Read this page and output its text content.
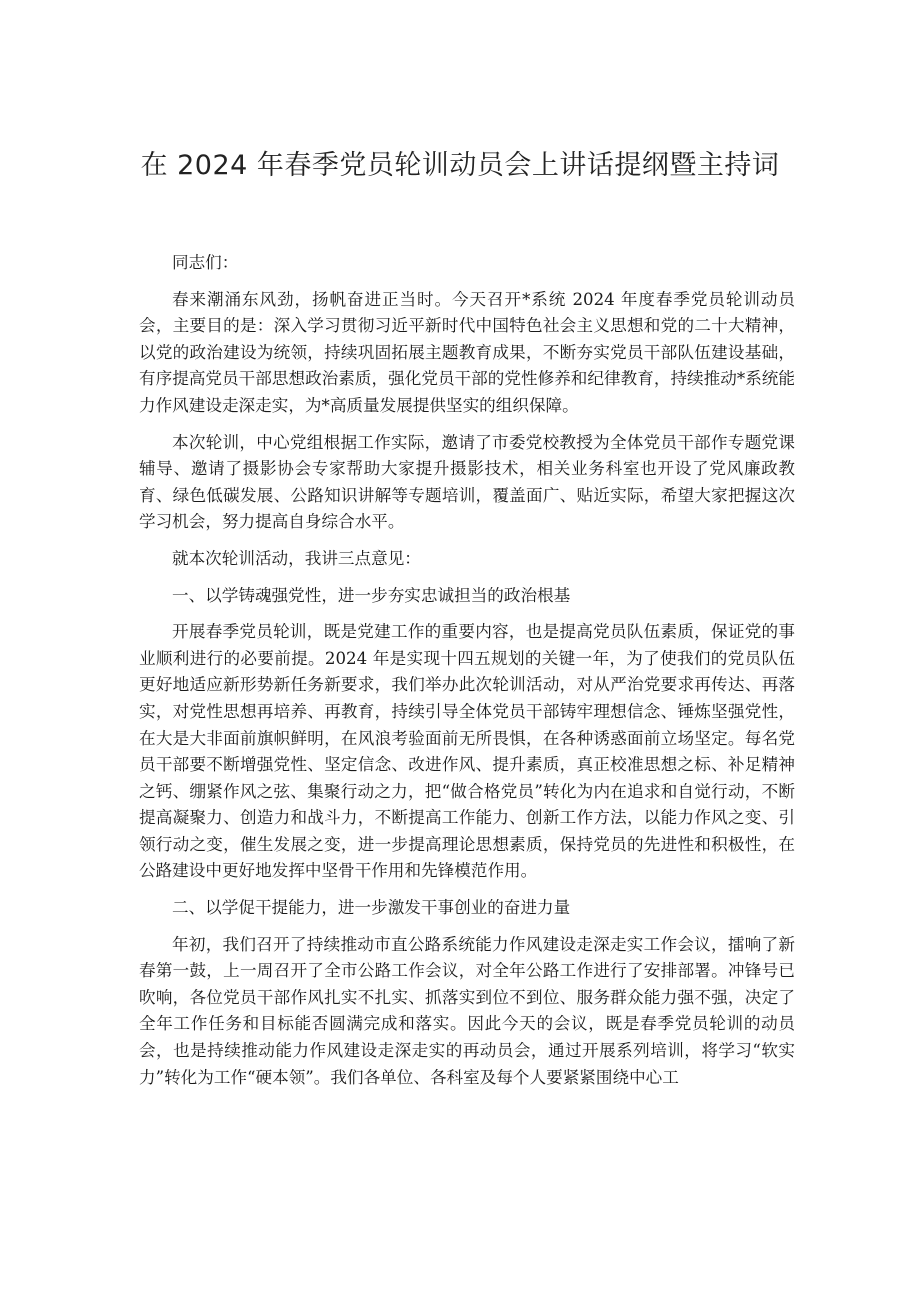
在 2024 年春季党员轮训动员会上讲话提纲暨主持词

同志们：

春来潮涌东风劲，扬帆奋进正当时。今天召开*系统 2024 年度春季党员轮训动员会，主要目的是：深入学习贯彻习近平新时代中国特色社会主义思想和党的二十大精神，以党的政治建设为统领，持续巩固拓展主题教育成果，不断夯实党员干部队伍建设基础，有序提高党员干部思想政治素质，强化党员干部的党性修养和纪律教育，持续推动*系统能力作风建设走深走实，为*高质量发展提供坚实的组织保障。

本次轮训，中心党组根据工作实际，邀请了市委党校教授为全体党员干部作专题党课辅导、邀请了摄影协会专家帮助大家提升摄影技术，相关业务科室也开设了党风廉政教育、绿色低碳发展、公路知识讲解等专题培训，覆盖面广、贴近实际，希望大家把握这次学习机会，努力提高自身综合水平。

就本次轮训活动，我讲三点意见：

一、以学铸魂强党性，进一步夯实忠诚担当的政治根基

开展春季党员轮训，既是党建工作的重要内容，也是提高党员队伍素质，保证党的事业顺利进行的必要前提。2024 年是实现十四五规划的关键一年，为了使我们的党员队伍更好地适应新形势新任务新要求，我们举办此次轮训活动，对从严治党要求再传达、再落实，对党性思想再培养、再教育，持续引导全体党员干部铸牢理想信念、锤炼坚强党性，在大是大非面前旗帜鲜明，在风浪考验面前无所畏惧，在各种诱惑面前立场坚定。每名党员干部要不断增强党性、坚定信念、改进作风、提升素质，真正校准思想之标、补足精神之钙、绷紧作风之弦、集聚行动之力，把“做合格党员”转化为内在追求和自觉行动，不断提高凝聚力、创造力和战斗力，不断提高工作能力、创新工作方法，以能力作风之变、引领行动之变，催生发展之变，进一步提高理论思想素质，保持党员的先进性和积极性，在公路建设中更好地发挥中坚骨干作用和先锋模范作用。

二、以学促干提能力，进一步激发干事创业的奋进力量

年初，我们召开了持续推动市直公路系统能力作风建设走深走实工作会议，擂响了新春第一鼓，上一周召开了全市公路工作会议，对全年公路工作进行了安排部署。冲锋号已吹响，各位党员干部作风扎实不扎实、抓落实到位不到位、服务群众能力强不强，决定了全年工作任务和目标能否圆满完成和落实。因此今天的会议，既是春季党员轮训的动员会，也是持续推动能力作风建设走深走实的再动员会，通过开展系列培训，将学习“软实力”转化为工作“硬本领”。我们各单位、各科室及每个人要紧紧围绕中心工
